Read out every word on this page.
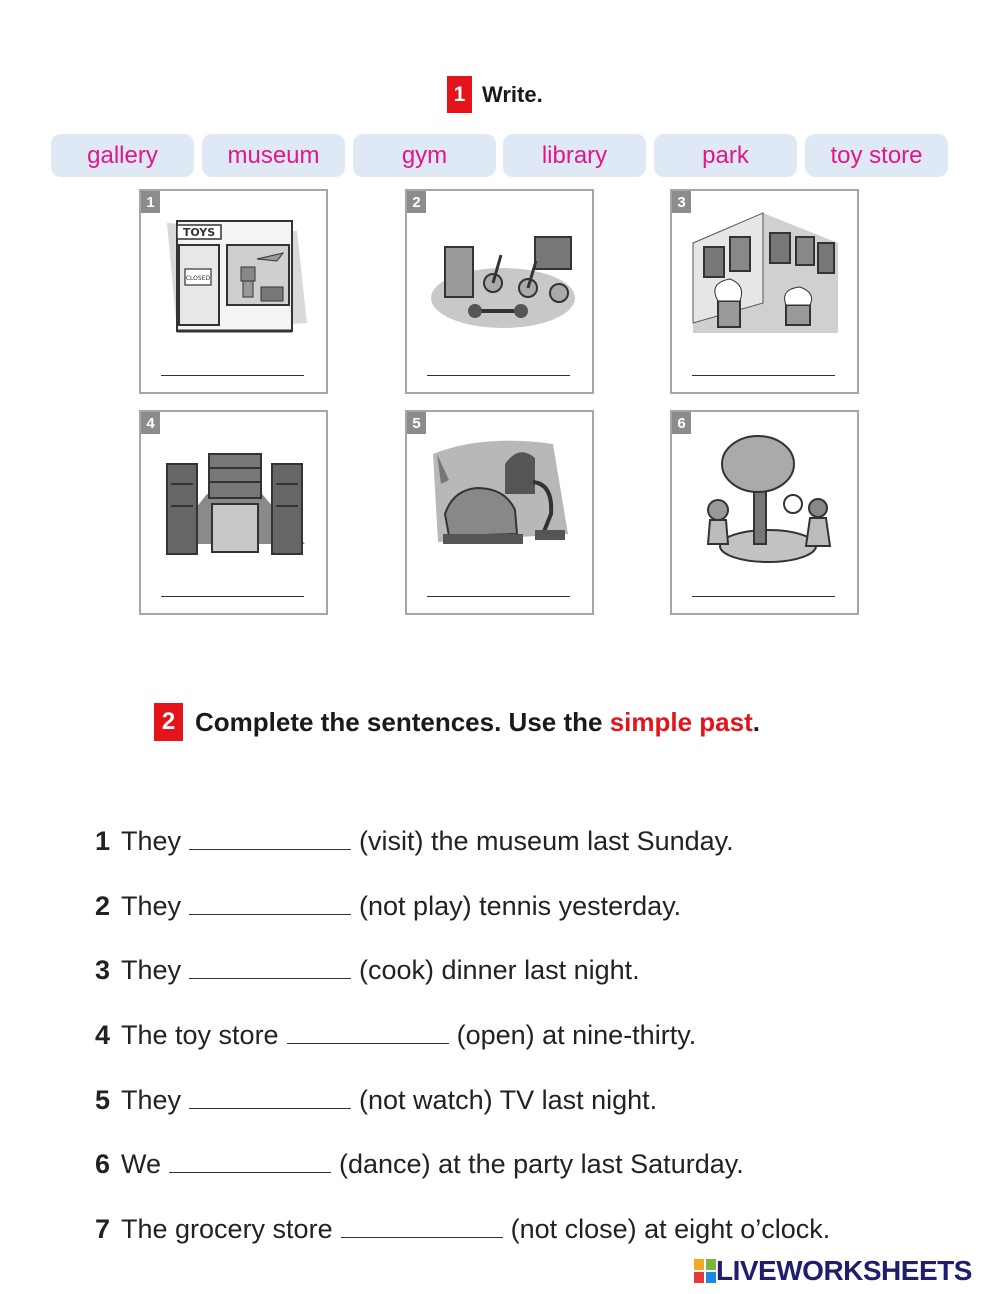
1 Write.
gallery	museum	gym	library	park	toy store
1
TOYS
CLOSED
2	3
4	5	6
2 Complete the sentences. Use the simple past.
1 They	(visit) the museum last Sunday.
2 They	(not play) tennis yesterday.
3 They	(cook) dinner last night.
4 The toy store	(open) at nine-thirty.
5 They	(not watch) TV last night.
6 We	(dance) at the party last Saturday.
7 The grocery store	(not close) at eight o’clock.
LIVEWORKSHEETS
